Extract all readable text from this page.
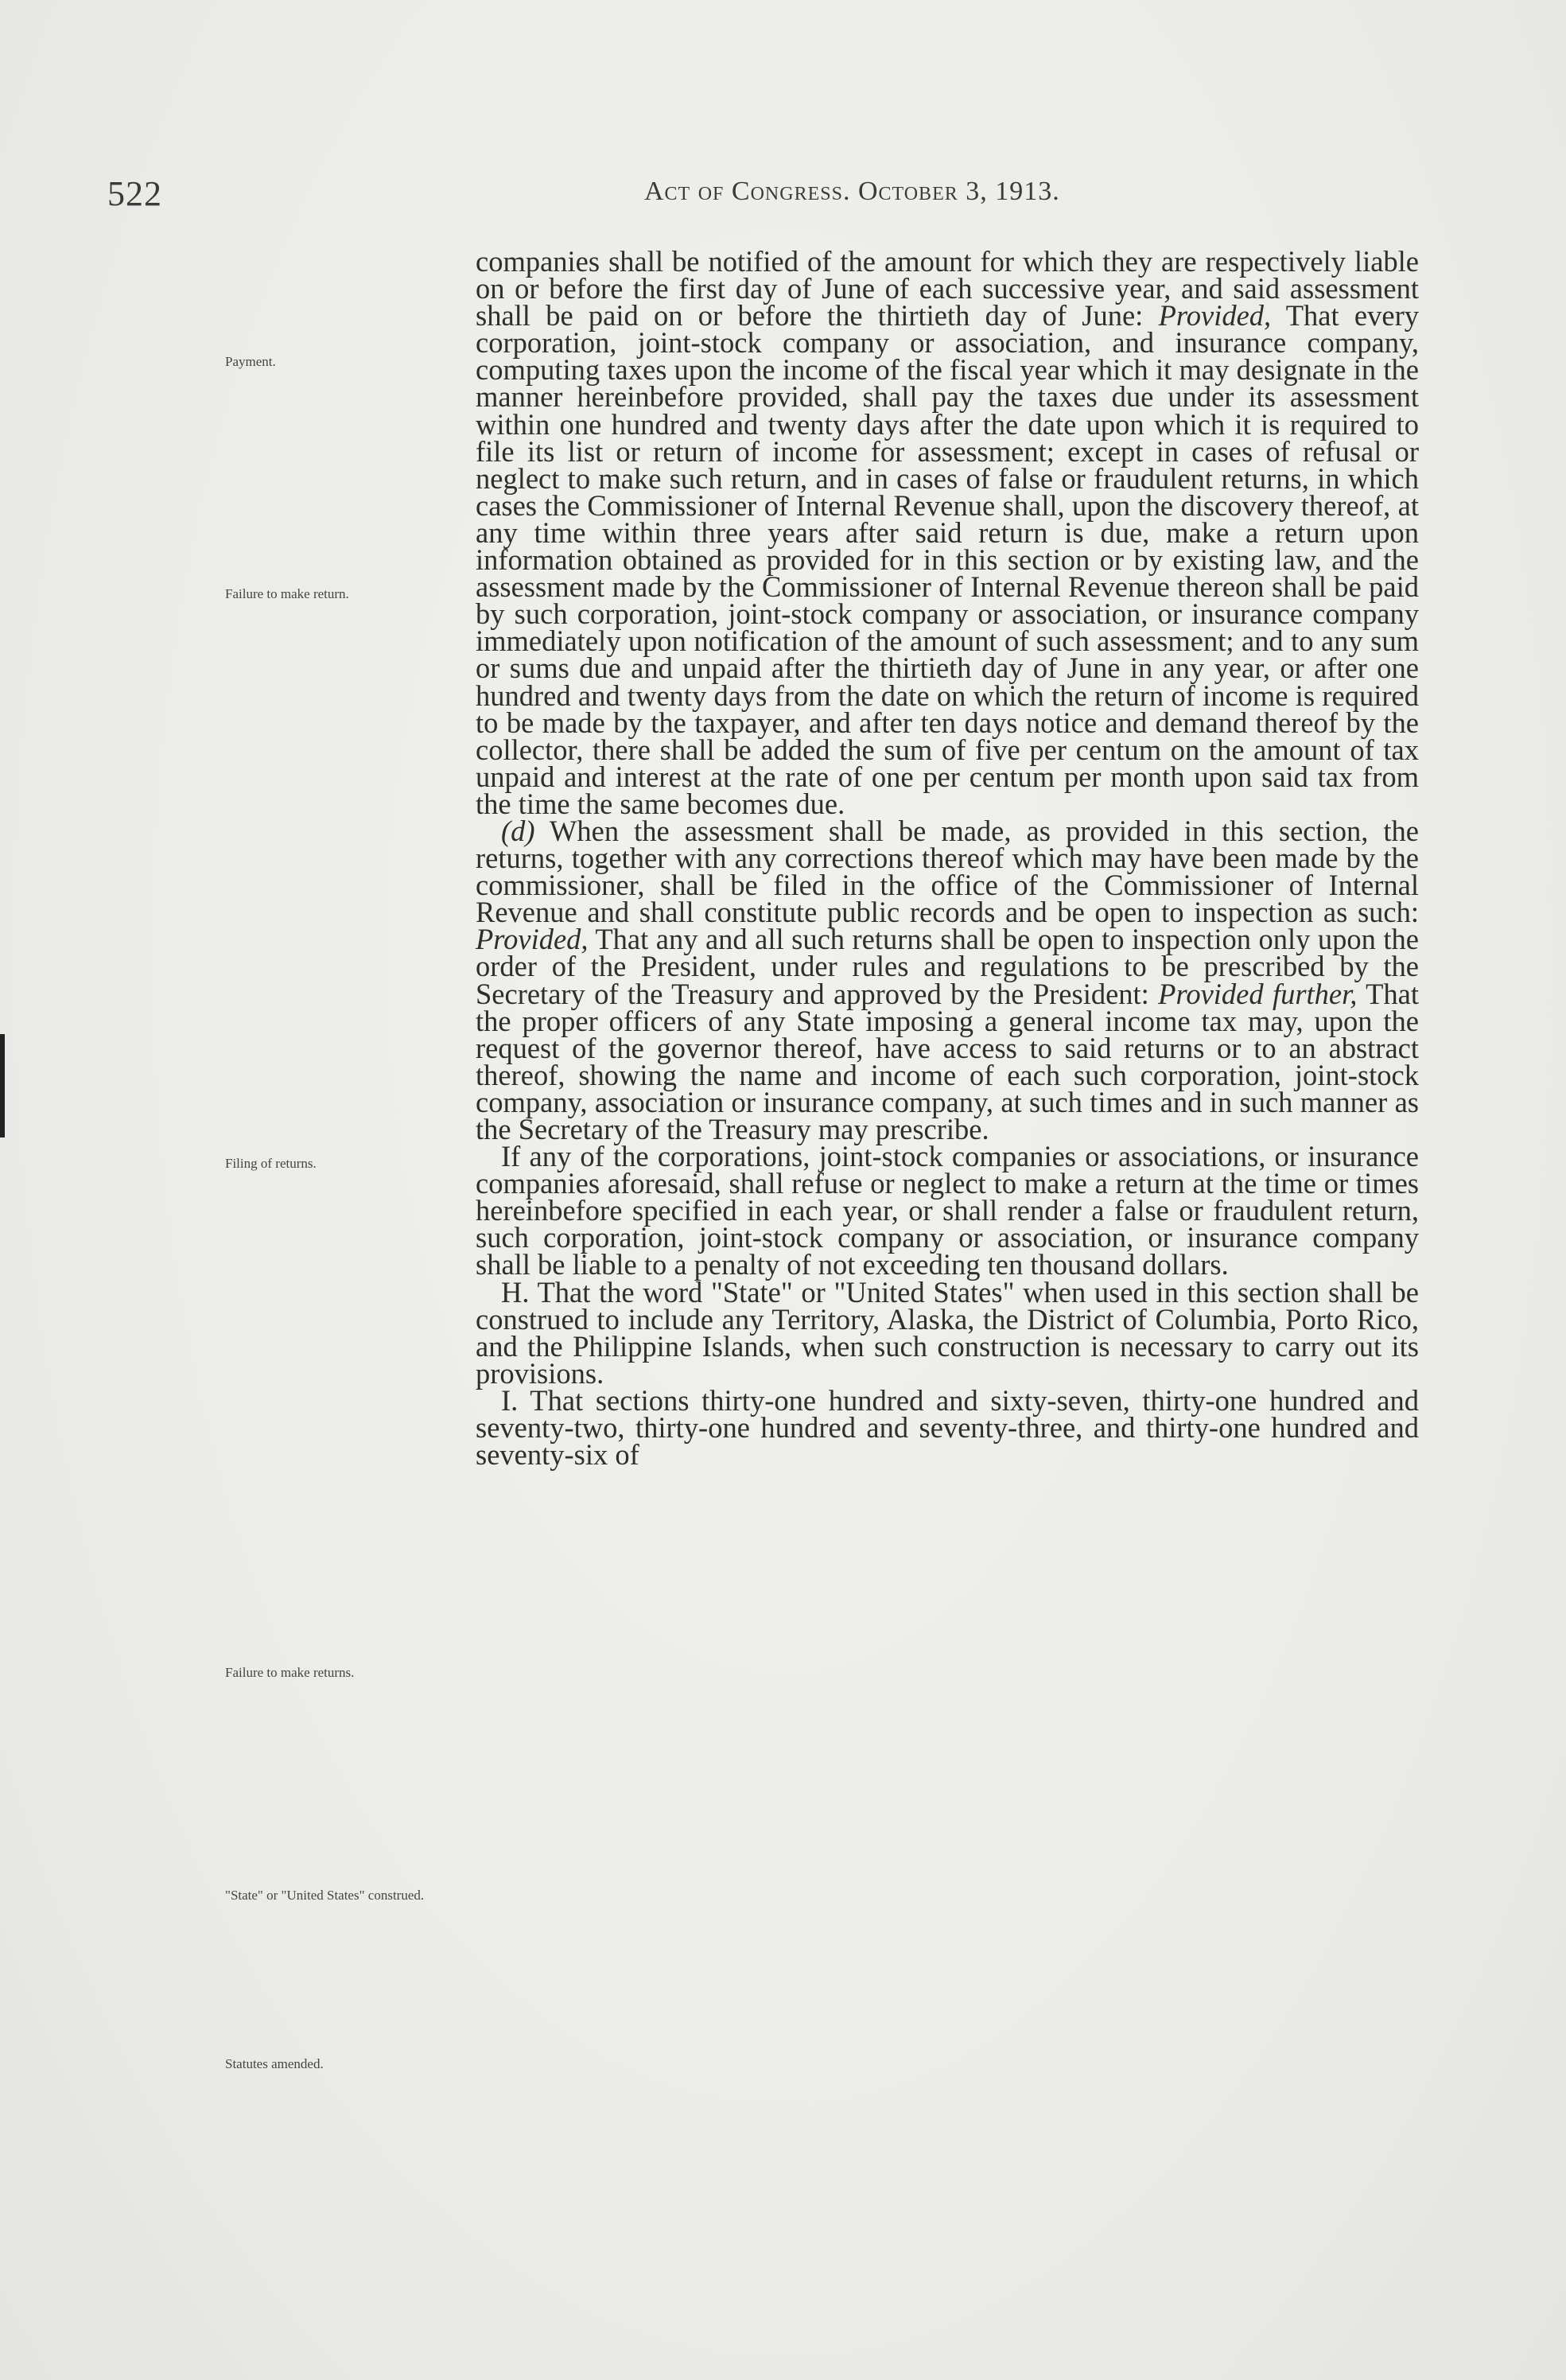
522	Act of Congress. October 3, 1913.
Payment.
Failure to make return.
Filing of returns.
Failure to make returns.
"State" or "United States" construed.
Statutes amended.

companies shall be notified of the amount for which they are respectively liable on or before the first day of June of each successive year, and said assessment shall be paid on or before the thirtieth day of June: Provided, That every corporation, joint-stock company or association, and insurance company, computing taxes upon the income of the fiscal year which it may designate in the manner hereinbefore provided, shall pay the taxes due under its assessment within one hundred and twenty days after the date upon which it is required to file its list or return of income for assessment; except in cases of refusal or neglect to make such return, and in cases of false or fraudulent returns, in which cases the Commissioner of Internal Revenue shall, upon the discovery thereof, at any time within three years after said return is due, make a return upon information obtained as provided for in this section or by existing law, and the assessment made by the Commissioner of Internal Revenue thereon shall be paid by such corporation, joint-stock company or association, or insurance company immediately upon notification of the amount of such assessment; and to any sum or sums due and unpaid after the thirtieth day of June in any year, or after one hundred and twenty days from the date on which the return of income is required to be made by the taxpayer, and after ten days notice and demand thereof by the collector, there shall be added the sum of five per centum on the amount of tax unpaid and interest at the rate of one per centum per month upon said tax from the time the same becomes due.

(d) When the assessment shall be made, as provided in this section, the returns, together with any corrections thereof which may have been made by the commissioner, shall be filed in the office of the Commissioner of Internal Revenue and shall constitute public records and be open to inspection as such: Provided, That any and all such returns shall be open to inspection only upon the order of the President, under rules and regulations to be prescribed by the Secretary of the Treasury and approved by the President: Provided further, That the proper officers of any State imposing a general income tax may, upon the request of the governor thereof, have access to said returns or to an abstract thereof, showing the name and income of each such corporation, joint-stock company, association or insurance company, at such times and in such manner as the Secretary of the Treasury may prescribe.

If any of the corporations, joint-stock companies or associations, or insurance companies aforesaid, shall refuse or neglect to make a return at the time or times hereinbefore specified in each year, or shall render a false or fraudulent return, such corporation, joint-stock company or association, or insurance company shall be liable to a penalty of not exceeding ten thousand dollars.

H. That the word "State" or "United States" when used in this section shall be construed to include any Territory, Alaska, the District of Columbia, Porto Rico, and the Philippine Islands, when such construction is necessary to carry out its provisions.

I. That sections thirty-one hundred and sixty-seven, thirty-one hundred and seventy-two, thirty-one hundred and seventy-three, and thirty-one hundred and seventy-six of
